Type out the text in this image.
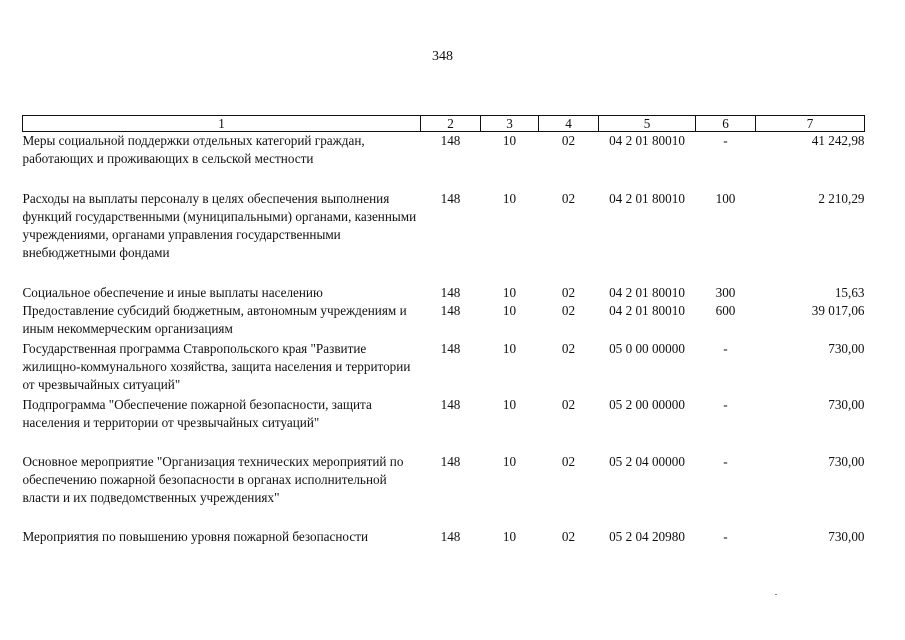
348
1	2	3	4	5	6	7
Меры социальной поддержки отдельных категорий граждан, работающих и проживающих в сельской местности	148	10	02	04 2 01 80010	-	41 242,98
Расходы на выплаты персоналу в целях обеспечения выполнения функций государственными (муниципальными) органами, казенными учреждениями, органами управления государственными внебюджетными фондами	148	10	02	04 2 01 80010	100	2 210,29
Социальное обеспечение и иные выплаты населению	148	10	02	04 2 01 80010	300	15,63
Предоставление субсидий бюджетным, автономным учреждениям и иным некоммерческим организациям	148	10	02	04 2 01 80010	600	39 017,06
Государственная программа Ставропольского края "Развитие жилищно-коммунального хозяйства, защита населения и территории от чрезвычайных ситуаций"	148	10	02	05 0 00 00000	-	730,00
Подпрограмма "Обеспечение пожарной безопасности, защита населения и территории от чрезвычайных ситуаций"	148	10	02	05 2 00 00000	-	730,00
Основное мероприятие "Организация технических мероприятий по обеспечению пожарной безопасности в органах исполнительной власти и их подведомственных учреждениях"	148	10	02	05 2 04 00000	-	730,00
Мероприятия по повышению уровня пожарной безопасности	148	10	02	05 2 04 20980	-	730,00
